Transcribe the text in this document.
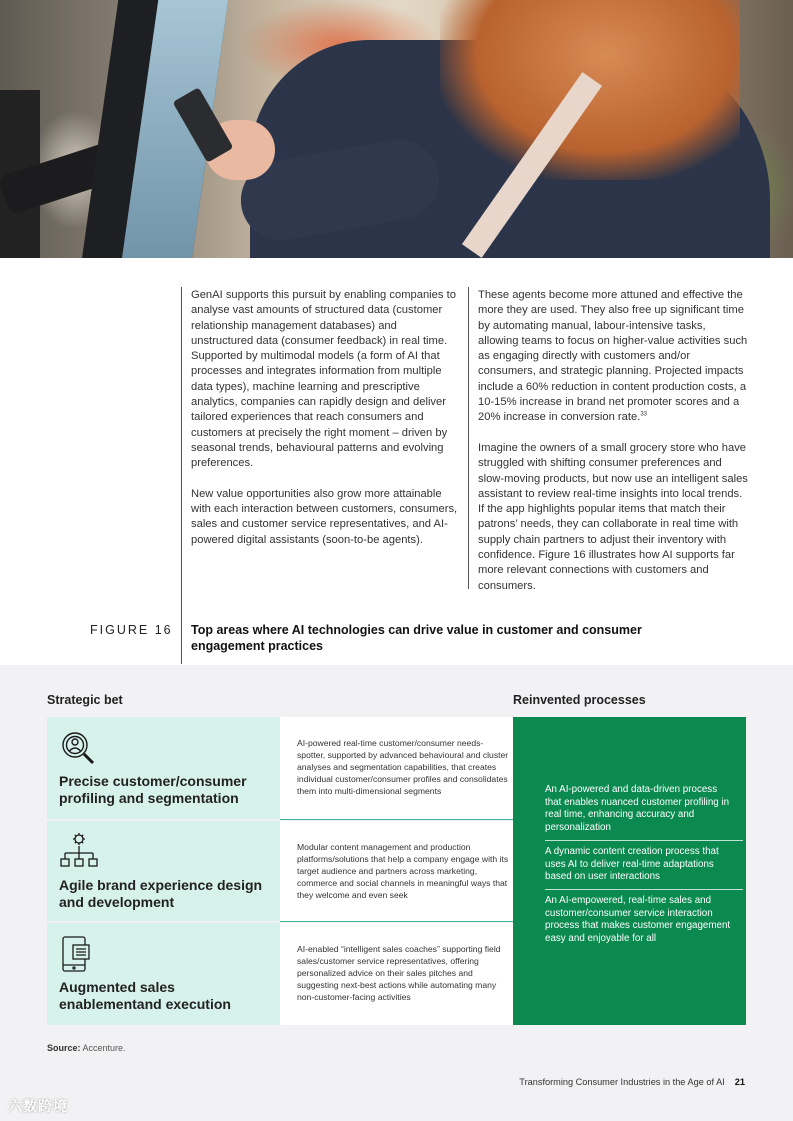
GenAI supports this pursuit by enabling companies to analyse vast amounts of structured data (customer relationship management databases) and unstructured data (consumer feedback) in real time. Supported by multimodal models (a form of AI that processes and integrates information from multiple data types), machine learning and prescriptive analytics, companies can rapidly design and deliver tailored experiences that reach consumers and customers at precisely the right moment – driven by seasonal trends, behavioural patterns and evolving preferences.

New value opportunities also grow more attainable with each interaction between customers, consumers, sales and customer service representatives, and AI-powered digital assistants (soon-to-be agents).

These agents become more attuned and effective the more they are used. They also free up significant time by automating manual, labour-intensive tasks, allowing teams to focus on higher-value activities such as engaging directly with customers and/or consumers, and strategic planning. Projected impacts include a 60% reduction in content production costs, a 10-15% increase in brand net promoter scores and a 20% increase in conversion rate.$^{33}$

Imagine the owners of a small grocery store who have struggled with shifting consumer preferences and slow-moving products, but now use an intelligent sales assistant to review real-time insights into local trends. If the app highlights popular items that match their patrons’ needs, they can collaborate in real time with supply chain partners to adjust their inventory with confidence. Figure 16 illustrates how AI supports far more relevant connections with customers and consumers.

FIGURE 16 Top areas where AI technologies can drive value in customer and consumer engagement practices
Strategic bet	Reinvented processes
Precise customer/consumer profiling and segmentation
AI-powered real-time customer/consumer needs-spotter, supported by advanced behavioural and cluster analyses and segmentation capabilities, that creates individual customer/consumer profiles and consolidates them into multi-dimensional segments
Agile brand experience design and development
Modular content management and production platforms/solutions that help a company engage with its target audience and partners across marketing, commerce and social channels in meaningful ways that they welcome and even seek
Augmented sales enablementand execution
AI-enabled “intelligent sales coaches” supporting field sales/customer service representatives, offering personalized advice on their sales pitches and suggesting next-best actions while automating many non-customer-facing activities
An AI-powered and data-driven process that enables nuanced customer profiling in real time, enhancing accuracy and personalization
A dynamic content creation process that uses AI to deliver real-time adaptations based on user interactions
An AI-empowered, real-time sales and customer/consumer service interaction process that makes customer engagement easy and enjoyable for all
Source: Accenture.
Transforming Consumer Industries in the Age of AI 21
六数跨境
